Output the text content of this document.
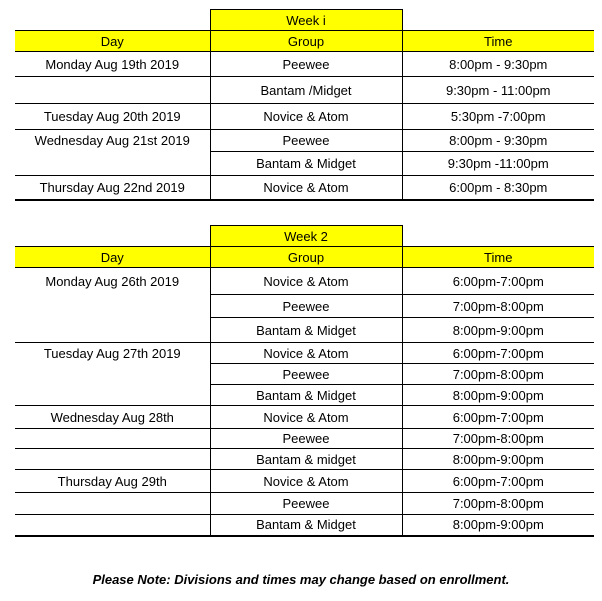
	Week i	
Day	Group	Time
Monday Aug 19th 2019	Peewee	8:00pm - 9:30pm
	Bantam /Midget	9:30pm - 11:00pm
Tuesday Aug 20th 2019	Novice & Atom	5:30pm -7:00pm
Wednesday Aug 21st 2019	Peewee	8:00pm - 9:30pm
	Bantam & Midget	9:30pm -11:00pm
Thursday Aug 22nd 2019	Novice & Atom	6:00pm - 8:30pm
	Week 2	
Day	Group	Time
Monday Aug 26th 2019	Novice & Atom	6:00pm-7:00pm
	Peewee	7:00pm-8:00pm
	Bantam & Midget	8:00pm-9:00pm
Tuesday Aug 27th 2019	Novice & Atom	6:00pm-7:00pm
	Peewee	7:00pm-8:00pm
	Bantam & Midget	8:00pm-9:00pm
Wednesday Aug 28th	Novice & Atom	6:00pm-7:00pm
	Peewee	7:00pm-8:00pm
	Bantam & midget	8:00pm-9:00pm
Thursday Aug 29th	Novice & Atom	6:00pm-7:00pm
	Peewee	7:00pm-8:00pm
	Bantam & Midget	8:00pm-9:00pm
Please Note: Divisions and times may change based on enrollment.
